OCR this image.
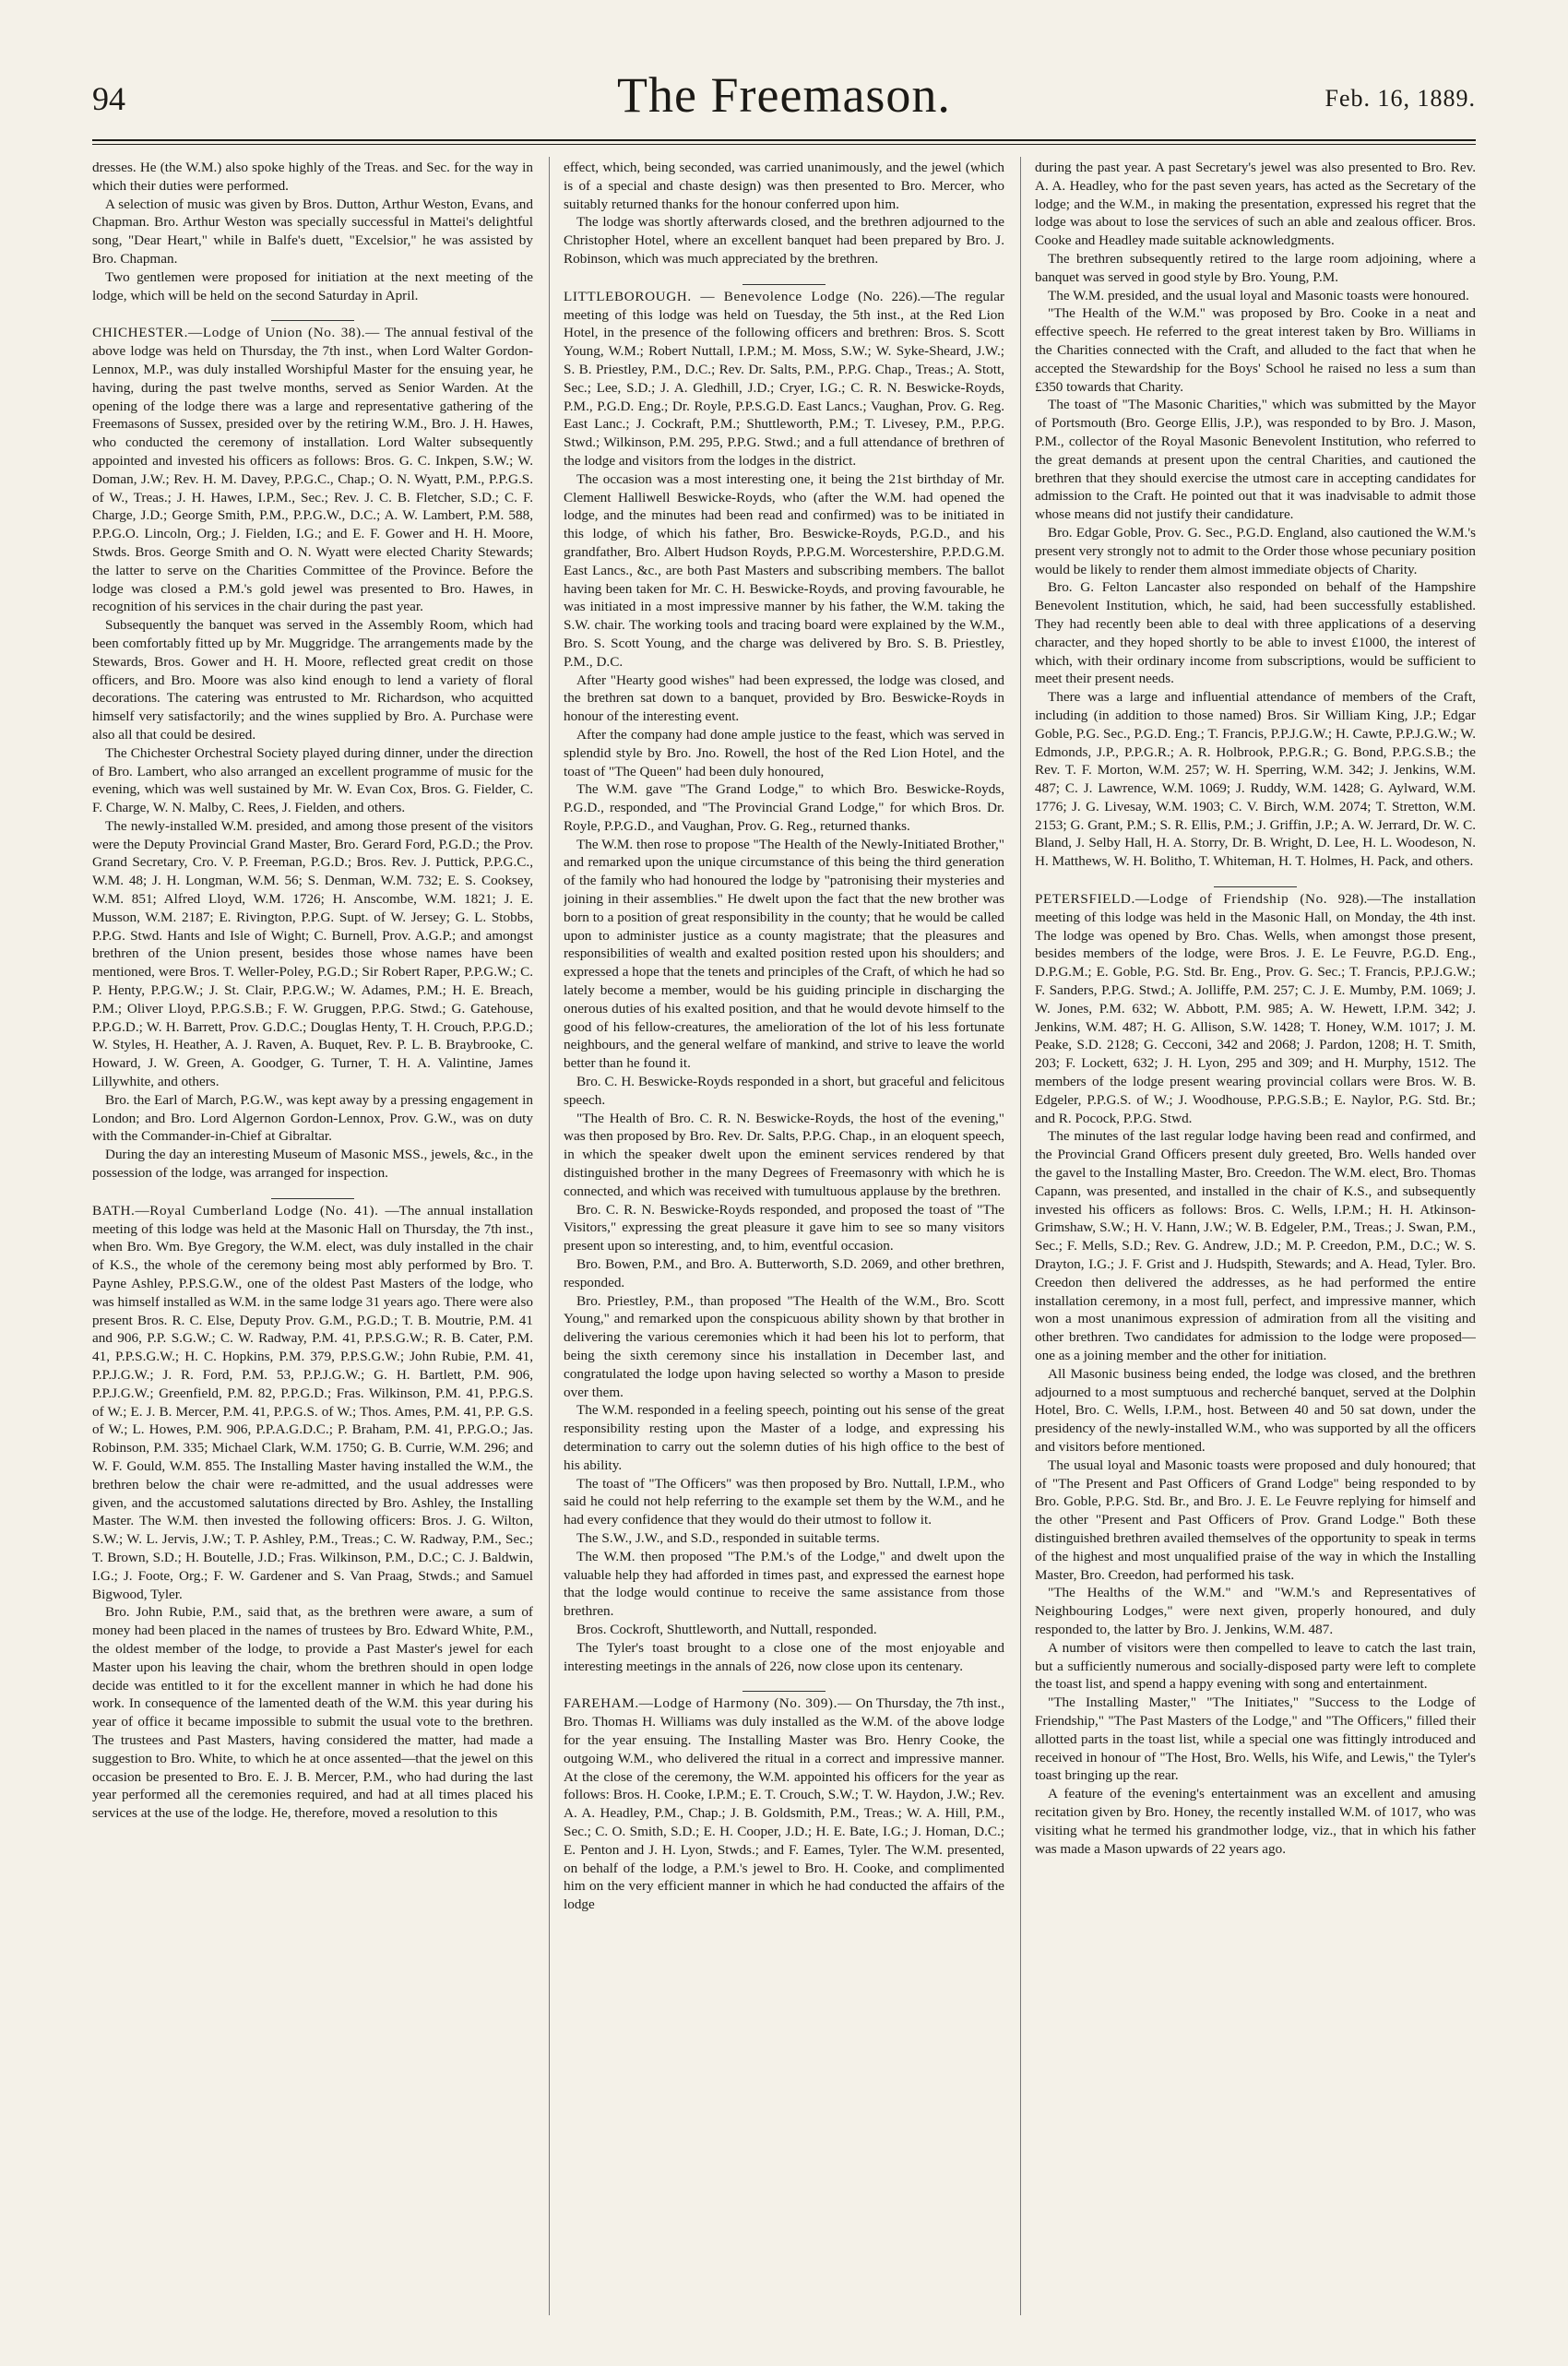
94	The Freemason.	Feb. 16, 1889.

dresses. He (the W.M.) also spoke highly of the Treas. and Sec. for the way in which their duties were performed.

A selection of music was given by Bros. Dutton, Arthur Weston, Evans, and Chapman. Bro. Arthur Weston was specially successful in Mattei's delightful song, "Dear Heart," while in Balfe's duett, "Excelsior," he was assisted by Bro. Chapman.

Two gentlemen were proposed for initiation at the next meeting of the lodge, which will be held on the second Saturday in April.

CHICHESTER.—Lodge of Union (No. 38).— The annual festival of the above lodge was held on Thursday, the 7th inst., when Lord Walter Gordon-Lennox, M.P., was duly installed Worshipful Master for the ensuing year, he having, during the past twelve months, served as Senior Warden. At the opening of the lodge there was a large and representative gathering of the Freemasons of Sussex, presided over by the retiring W.M., Bro. J. H. Hawes, who conducted the ceremony of installation. Lord Walter subsequently appointed and invested his officers as follows: Bros. G. C. Inkpen, S.W.; W. Doman, J.W.; Rev. H. M. Davey, P.P.G.C., Chap.; O. N. Wyatt, P.M., P.P.G.S. of W., Treas.; J. H. Hawes, I.P.M., Sec.; Rev. J. C. B. Fletcher, S.D.; C. F. Charge, J.D.; George Smith, P.M., P.P.G.W., D.C.; A. W. Lambert, P.M. 588, P.P.G.O. Lincoln, Org.; J. Fielden, I.G.; and E. F. Gower and H. H. Moore, Stwds. Bros. George Smith and O. N. Wyatt were elected Charity Stewards; the latter to serve on the Charities Committee of the Province. Before the lodge was closed a P.M.'s gold jewel was presented to Bro. Hawes, in recognition of his services in the chair during the past year.

Subsequently the banquet was served in the Assembly Room, which had been comfortably fitted up by Mr. Muggridge. The arrangements made by the Stewards, Bros. Gower and H. H. Moore, reflected great credit on those officers, and Bro. Moore was also kind enough to lend a variety of floral decorations. The catering was entrusted to Mr. Richardson, who acquitted himself very satisfactorily; and the wines supplied by Bro. A. Purchase were also all that could be desired.

The Chichester Orchestral Society played during dinner, under the direction of Bro. Lambert, who also arranged an excellent programme of music for the evening, which was well sustained by Mr. W. Evan Cox, Bros. G. Fielder, C. F. Charge, W. N. Malby, C. Rees, J. Fielden, and others.

The newly-installed W.M. presided, and among those present of the visitors were the Deputy Provincial Grand Master, Bro. Gerard Ford, P.G.D.; the Prov. Grand Secretary, Cro. V. P. Freeman, P.G.D.; Bros. Rev. J. Puttick, P.P.G.C., W.M. 48; J. H. Longman, W.M. 56; S. Denman, W.M. 732; E. S. Cooksey, W.M. 851; Alfred Lloyd, W.M. 1726; H. Anscombe, W.M. 1821; J. E. Musson, W.M. 2187; E. Rivington, P.P.G. Supt. of W. Jersey; G. L. Stobbs, P.P.G. Stwd. Hants and Isle of Wight; C. Burnell, Prov. A.G.P.; and amongst brethren of the Union present, besides those whose names have been mentioned, were Bros. T. Weller-Poley, P.G.D.; Sir Robert Raper, P.P.G.W.; C. P. Henty, P.P.G.W.; J. St. Clair, P.P.G.W.; W. Adames, P.M.; H. E. Breach, P.M.; Oliver Lloyd, P.P.G.S.B.; F. W. Gruggen, P.P.G. Stwd.; G. Gatehouse, P.P.G.D.; W. H. Barrett, Prov. G.D.C.; Douglas Henty, T. H. Crouch, P.P.G.D.; W. Styles, H. Heather, A. J. Raven, A. Buquet, Rev. P. L. B. Braybrooke, C. Howard, J. W. Green, A. Goodger, G. Turner, T. H. A. Valintine, James Lillywhite, and others.

Bro. the Earl of March, P.G.W., was kept away by a pressing engagement in London; and Bro. Lord Algernon Gordon-Lennox, Prov. G.W., was on duty with the Commander-in-Chief at Gibraltar.

During the day an interesting Museum of Masonic MSS., jewels, &c., in the possession of the lodge, was arranged for inspection.

BATH.—Royal Cumberland Lodge (No. 41). —The annual installation meeting of this lodge was held at the Masonic Hall on Thursday, the 7th inst., when Bro. Wm. Bye Gregory, the W.M. elect, was duly installed in the chair of K.S., the whole of the ceremony being most ably performed by Bro. T. Payne Ashley, P.P.S.G.W., one of the oldest Past Masters of the lodge, who was himself installed as W.M. in the same lodge 31 years ago. There were also present Bros. R. C. Else, Deputy Prov. G.M., P.G.D.; T. B. Moutrie, P.M. 41 and 906, P.P. S.G.W.; C. W. Radway, P.M. 41, P.P.S.G.W.; R. B. Cater, P.M. 41, P.P.S.G.W.; H. C. Hopkins, P.M. 379, P.P.S.G.W.; John Rubie, P.M. 41, P.P.J.G.W.; J. R. Ford, P.M. 53, P.P.J.G.W.; G. H. Bartlett, P.M. 906, P.P.J.G.W.; Greenfield, P.M. 82, P.P.G.D.; Fras. Wilkinson, P.M. 41, P.P.G.S. of W.; E. J. B. Mercer, P.M. 41, P.P.G.S. of W.; Thos. Ames, P.M. 41, P.P. G.S. of W.; L. Howes, P.M. 906, P.P.A.G.D.C.; P. Braham, P.M. 41, P.P.G.O.; Jas. Robinson, P.M. 335; Michael Clark, W.M. 1750; G. B. Currie, W.M. 296; and W. F. Gould, W.M. 855. The Installing Master having installed the W.M., the brethren below the chair were re-admitted, and the usual addresses were given, and the accustomed salutations directed by Bro. Ashley, the Installing Master. The W.M. then invested the following officers: Bros. J. G. Wilton, S.W.; W. L. Jervis, J.W.; T. P. Ashley, P.M., Treas.; C. W. Radway, P.M., Sec.; T. Brown, S.D.; H. Boutelle, J.D.; Fras. Wilkinson, P.M., D.C.; C. J. Baldwin, I.G.; J. Foote, Org.; F. W. Gardener and S. Van Praag, Stwds.; and Samuel Bigwood, Tyler.

Bro. John Rubie, P.M., said that, as the brethren were aware, a sum of money had been placed in the names of trustees by Bro. Edward White, P.M., the oldest member of the lodge, to provide a Past Master's jewel for each Master upon his leaving the chair, whom the brethren should in open lodge decide was entitled to it for the excellent manner in which he had done his work. In consequence of the lamented death of the W.M. this year during his year of office it became impossible to submit the usual vote to the brethren. The trustees and Past Masters, having considered the matter, had made a suggestion to Bro. White, to which he at once assented—that the jewel on this occasion be presented to Bro. E. J. B. Mercer, P.M., who had during the last year performed all the ceremonies required, and had at all times placed his services at the use of the lodge. He, therefore, moved a resolution to this

effect, which, being seconded, was carried unanimously, and the jewel (which is of a special and chaste design) was then presented to Bro. Mercer, who suitably returned thanks for the honour conferred upon him.

The lodge was shortly afterwards closed, and the brethren adjourned to the Christopher Hotel, where an excellent banquet had been prepared by Bro. J. Robinson, which was much appreciated by the brethren.

LITTLEBOROUGH. — Benevolence Lodge (No. 226).—The regular meeting of this lodge was held on Tuesday, the 5th inst., at the Red Lion Hotel, in the presence of the following officers and brethren: Bros. S. Scott Young, W.M.; Robert Nuttall, I.P.M.; M. Moss, S.W.; W. Syke-Sheard, J.W.; S. B. Priestley, P.M., D.C.; Rev. Dr. Salts, P.M., P.P.G. Chap., Treas.; A. Stott, Sec.; Lee, S.D.; J. A. Gledhill, J.D.; Cryer, I.G.; C. R. N. Beswicke-Royds, P.M., P.G.D. Eng.; Dr. Royle, P.P.S.G.D. East Lancs.; Vaughan, Prov. G. Reg. East Lanc.; J. Cockraft, P.M.; Shuttleworth, P.M.; T. Livesey, P.M., P.P.G. Stwd.; Wilkinson, P.M. 295, P.P.G. Stwd.; and a full attendance of brethren of the lodge and visitors from the lodges in the district.

The occasion was a most interesting one, it being the 21st birthday of Mr. Clement Halliwell Beswicke-Royds, who (after the W.M. had opened the lodge, and the minutes had been read and confirmed) was to be initiated in this lodge, of which his father, Bro. Beswicke-Royds, P.G.D., and his grandfather, Bro. Albert Hudson Royds, P.P.G.M. Worcestershire, P.P.D.G.M. East Lancs., &c., are both Past Masters and subscribing members. The ballot having been taken for Mr. C. H. Beswicke-Royds, and proving favourable, he was initiated in a most impressive manner by his father, the W.M. taking the S.W. chair. The working tools and tracing board were explained by the W.M., Bro. S. Scott Young, and the charge was delivered by Bro. S. B. Priestley, P.M., D.C.

After "Hearty good wishes" had been expressed, the lodge was closed, and the brethren sat down to a banquet, provided by Bro. Beswicke-Royds in honour of the interesting event.

After the company had done ample justice to the feast, which was served in splendid style by Bro. Jno. Rowell, the host of the Red Lion Hotel, and the toast of "The Queen" had been duly honoured,

The W.M. gave "The Grand Lodge," to which Bro. Beswicke-Royds, P.G.D., responded, and "The Provincial Grand Lodge," for which Bros. Dr. Royle, P.P.G.D., and Vaughan, Prov. G. Reg., returned thanks.

The W.M. then rose to propose "The Health of the Newly-Initiated Brother," and remarked upon the unique circumstance of this being the third generation of the family who had honoured the lodge by "patronising their mysteries and joining in their assemblies." He dwelt upon the fact that the new brother was born to a position of great responsibility in the county; that he would be called upon to administer justice as a county magistrate; that the pleasures and responsibilities of wealth and exalted position rested upon his shoulders; and expressed a hope that the tenets and principles of the Craft, of which he had so lately become a member, would be his guiding principle in discharging the onerous duties of his exalted position, and that he would devote himself to the good of his fellow-creatures, the amelioration of the lot of his less fortunate neighbours, and the general welfare of mankind, and strive to leave the world better than he found it.

Bro. C. H. Beswicke-Royds responded in a short, but graceful and felicitous speech.

"The Health of Bro. C. R. N. Beswicke-Royds, the host of the evening," was then proposed by Bro. Rev. Dr. Salts, P.P.G. Chap., in an eloquent speech, in which the speaker dwelt upon the eminent services rendered by that distinguished brother in the many Degrees of Freemasonry with which he is connected, and which was received with tumultuous applause by the brethren.

Bro. C. R. N. Beswicke-Royds responded, and proposed the toast of "The Visitors," expressing the great pleasure it gave him to see so many visitors present upon so interesting, and, to him, eventful occasion.

Bro. Bowen, P.M., and Bro. A. Butterworth, S.D. 2069, and other brethren, responded.

Bro. Priestley, P.M., than proposed "The Health of the W.M., Bro. Scott Young," and remarked upon the conspicuous ability shown by that brother in delivering the various ceremonies which it had been his lot to perform, that being the sixth ceremony since his installation in December last, and congratulated the lodge upon having selected so worthy a Mason to preside over them.

The W.M. responded in a feeling speech, pointing out his sense of the great responsibility resting upon the Master of a lodge, and expressing his determination to carry out the solemn duties of his high office to the best of his ability.

The toast of "The Officers" was then proposed by Bro. Nuttall, I.P.M., who said he could not help referring to the example set them by the W.M., and he had every confidence that they would do their utmost to follow it.

The S.W., J.W., and S.D., responded in suitable terms.

The W.M. then proposed "The P.M.'s of the Lodge," and dwelt upon the valuable help they had afforded in times past, and expressed the earnest hope that the lodge would continue to receive the same assistance from those brethren.

Bros. Cockroft, Shuttleworth, and Nuttall, responded.

The Tyler's toast brought to a close one of the most enjoyable and interesting meetings in the annals of 226, now close upon its centenary.

FAREHAM.—Lodge of Harmony (No. 309).— On Thursday, the 7th inst., Bro. Thomas H. Williams was duly installed as the W.M. of the above lodge for the year ensuing. The Installing Master was Bro. Henry Cooke, the outgoing W.M., who delivered the ritual in a correct and impressive manner. At the close of the ceremony, the W.M. appointed his officers for the year as follows: Bros. H. Cooke, I.P.M.; E. T. Crouch, S.W.; T. W. Haydon, J.W.; Rev. A. A. Headley, P.M., Chap.; J. B. Goldsmith, P.M., Treas.; W. A. Hill, P.M., Sec.; C. O. Smith, S.D.; E. H. Cooper, J.D.; H. E. Bate, I.G.; J. Homan, D.C.; E. Penton and J. H. Lyon, Stwds.; and F. Eames, Tyler. The W.M. presented, on behalf of the lodge, a P.M.'s jewel to Bro. H. Cooke, and complimented him on the very efficient manner in which he had conducted the affairs of the lodge

during the past year. A past Secretary's jewel was also presented to Bro. Rev. A. A. Headley, who for the past seven years, has acted as the Secretary of the lodge; and the W.M., in making the presentation, expressed his regret that the lodge was about to lose the services of such an able and zealous officer. Bros. Cooke and Headley made suitable acknowledgments.

The brethren subsequently retired to the large room adjoining, where a banquet was served in good style by Bro. Young, P.M.

The W.M. presided, and the usual loyal and Masonic toasts were honoured.

"The Health of the W.M." was proposed by Bro. Cooke in a neat and effective speech. He referred to the great interest taken by Bro. Williams in the Charities connected with the Craft, and alluded to the fact that when he accepted the Stewardship for the Boys' School he raised no less a sum than £350 towards that Charity.

The toast of "The Masonic Charities," which was submitted by the Mayor of Portsmouth (Bro. George Ellis, J.P.), was responded to by Bro. J. Mason, P.M., collector of the Royal Masonic Benevolent Institution, who referred to the great demands at present upon the central Charities, and cautioned the brethren that they should exercise the utmost care in accepting candidates for admission to the Craft. He pointed out that it was inadvisable to admit those whose means did not justify their candidature.

Bro. Edgar Goble, Prov. G. Sec., P.G.D. England, also cautioned the W.M.'s present very strongly not to admit to the Order those whose pecuniary position would be likely to render them almost immediate objects of Charity.

Bro. G. Felton Lancaster also responded on behalf of the Hampshire Benevolent Institution, which, he said, had been successfully established. They had recently been able to deal with three applications of a deserving character, and they hoped shortly to be able to invest £1000, the interest of which, with their ordinary income from subscriptions, would be sufficient to meet their present needs.

There was a large and influential attendance of members of the Craft, including (in addition to those named) Bros. Sir William King, J.P.; Edgar Goble, P.G. Sec., P.G.D. Eng.; T. Francis, P.P.J.G.W.; H. Cawte, P.P.J.G.W.; W. Edmonds, J.P., P.P.G.R.; A. R. Holbrook, P.P.G.R.; G. Bond, P.P.G.S.B.; the Rev. T. F. Morton, W.M. 257; W. H. Sperring, W.M. 342; J. Jenkins, W.M. 487; C. J. Lawrence, W.M. 1069; J. Ruddy, W.M. 1428; G. Aylward, W.M. 1776; J. G. Livesay, W.M. 1903; C. V. Birch, W.M. 2074; T. Stretton, W.M. 2153; G. Grant, P.M.; S. R. Ellis, P.M.; J. Griffin, J.P.; A. W. Jerrard, Dr. W. C. Bland, J. Selby Hall, H. A. Storry, Dr. B. Wright, D. Lee, H. L. Woodeson, N. H. Matthews, W. H. Bolitho, T. Whiteman, H. T. Holmes, H. Pack, and others.

PETERSFIELD.—Lodge of Friendship (No. 928).—The installation meeting of this lodge was held in the Masonic Hall, on Monday, the 4th inst. The lodge was opened by Bro. Chas. Wells, when amongst those present, besides members of the lodge, were Bros. J. E. Le Feuvre, P.G.D. Eng., D.P.G.M.; E. Goble, P.G. Std. Br. Eng., Prov. G. Sec.; T. Francis, P.P.J.G.W.; F. Sanders, P.P.G. Stwd.; A. Jolliffe, P.M. 257; C. J. E. Mumby, P.M. 1069; J. W. Jones, P.M. 632; W. Abbott, P.M. 985; A. W. Hewett, I.P.M. 342; J. Jenkins, W.M. 487; H. G. Allison, S.W. 1428; T. Honey, W.M. 1017; J. M. Peake, S.D. 2128; G. Cecconi, 342 and 2068; J. Pardon, 1208; H. T. Smith, 203; F. Lockett, 632; J. H. Lyon, 295 and 309; and H. Murphy, 1512. The members of the lodge present wearing provincial collars were Bros. W. B. Edgeler, P.P.G.S. of W.; J. Woodhouse, P.P.G.S.B.; E. Naylor, P.G. Std. Br.; and R. Pocock, P.P.G. Stwd.

The minutes of the last regular lodge having been read and confirmed, and the Provincial Grand Officers present duly greeted, Bro. Wells handed over the gavel to the Installing Master, Bro. Creedon. The W.M. elect, Bro. Thomas Capann, was presented, and installed in the chair of K.S., and subsequently invested his officers as follows: Bros. C. Wells, I.P.M.; H. H. Atkinson-Grimshaw, S.W.; H. V. Hann, J.W.; W. B. Edgeler, P.M., Treas.; J. Swan, P.M., Sec.; F. Mells, S.D.; Rev. G. Andrew, J.D.; M. P. Creedon, P.M., D.C.; W. S. Drayton, I.G.; J. F. Grist and J. Hudspith, Stewards; and A. Head, Tyler. Bro. Creedon then delivered the addresses, as he had performed the entire installation ceremony, in a most full, perfect, and impressive manner, which won a most unanimous expression of admiration from all the visiting and other brethren. Two candidates for admission to the lodge were proposed—one as a joining member and the other for initiation.

All Masonic business being ended, the lodge was closed, and the brethren adjourned to a most sumptuous and recherché banquet, served at the Dolphin Hotel, Bro. C. Wells, I.P.M., host. Between 40 and 50 sat down, under the presidency of the newly-installed W.M., who was supported by all the officers and visitors before mentioned.

The usual loyal and Masonic toasts were proposed and duly honoured; that of "The Present and Past Officers of Grand Lodge" being responded to by Bro. Goble, P.P.G. Std. Br., and Bro. J. E. Le Feuvre replying for himself and the other "Present and Past Officers of Prov. Grand Lodge." Both these distinguished brethren availed themselves of the opportunity to speak in terms of the highest and most unqualified praise of the way in which the Installing Master, Bro. Creedon, had performed his task.

"The Healths of the W.M." and "W.M.'s and Representatives of Neighbouring Lodges," were next given, properly honoured, and duly responded to, the latter by Bro. J. Jenkins, W.M. 487.

A number of visitors were then compelled to leave to catch the last train, but a sufficiently numerous and socially-disposed party were left to complete the toast list, and spend a happy evening with song and entertainment.

"The Installing Master," "The Initiates," "Success to the Lodge of Friendship," "The Past Masters of the Lodge," and "The Officers," filled their allotted parts in the toast list, while a special one was fittingly introduced and received in honour of "The Host, Bro. Wells, his Wife, and Lewis," the Tyler's toast bringing up the rear.

A feature of the evening's entertainment was an excellent and amusing recitation given by Bro. Honey, the recently installed W.M. of 1017, who was visiting what he termed his grandmother lodge, viz., that in which his father was made a Mason upwards of 22 years ago.
